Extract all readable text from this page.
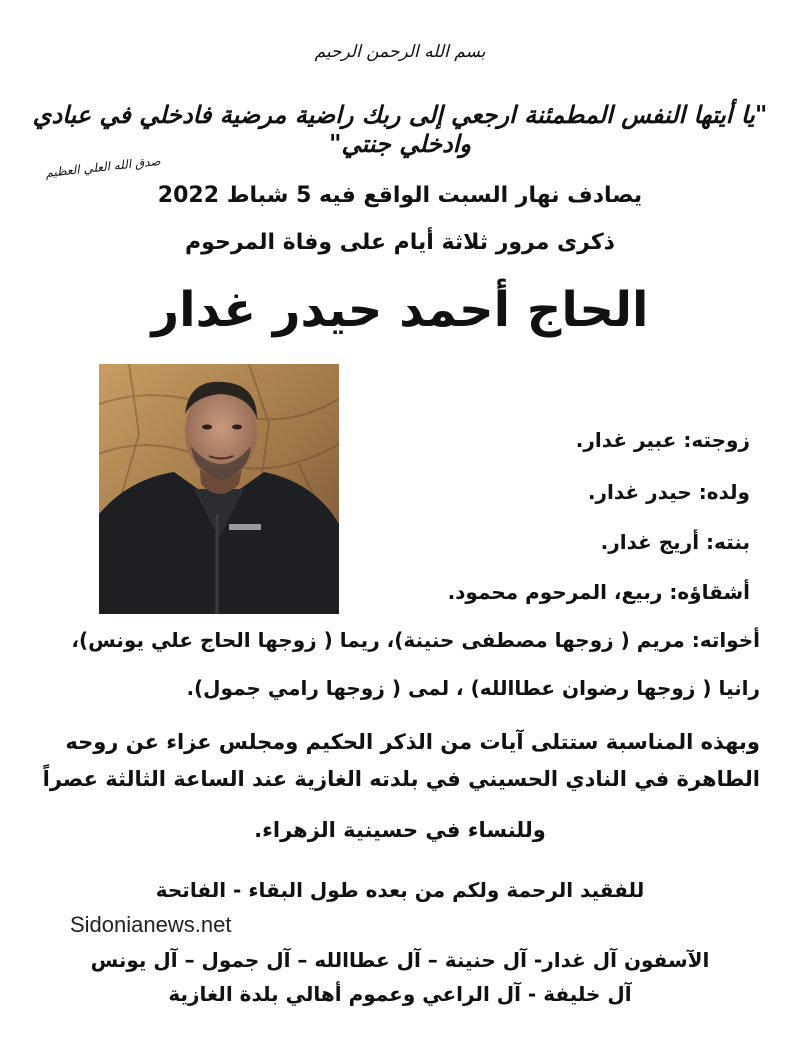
بسم الله الرحمن الرحيم
"يا أيتها النفس المطمئنة ارجعي إلى ربك راضية مرضية فادخلي في عبادي وادخلي جنتي"
صدق الله العلي العظيم
يصادف نهار السبت الواقع فيه 5 شباط 2022
ذكرى مرور ثلاثة أيام على وفاة المرحوم
الحاج أحمد حيدر غدار
زوجته: عبير غدار.
ولده: حيدر غدار.
بنته: أريج غدار.
أشقاؤه: ربيع، المرحوم محمود.
أخواته: مريم ( زوجها مصطفى حنينة)، ريما ( زوجها الحاج علي يونس)،
رانيا ( زوجها رضوان عطاالله) ، لمى ( زوجها رامي جمول).
وبهذه المناسبة ستتلى آيات من الذكر الحكيم ومجلس عزاء عن روحه
الطاهرة في النادي الحسيني في بلدته الغازية عند الساعة الثالثة عصراً
وللنساء في حسينية الزهراء.
للفقيد الرحمة ولكم من بعده طول البقاء - الفاتحة
Sidonianews.net
الآسفون آل غدار- آل حنينة – آل عطاالله – آل جمول – آل يونس
آل خليفة - آل الراعي وعموم أهالي بلدة الغازية
